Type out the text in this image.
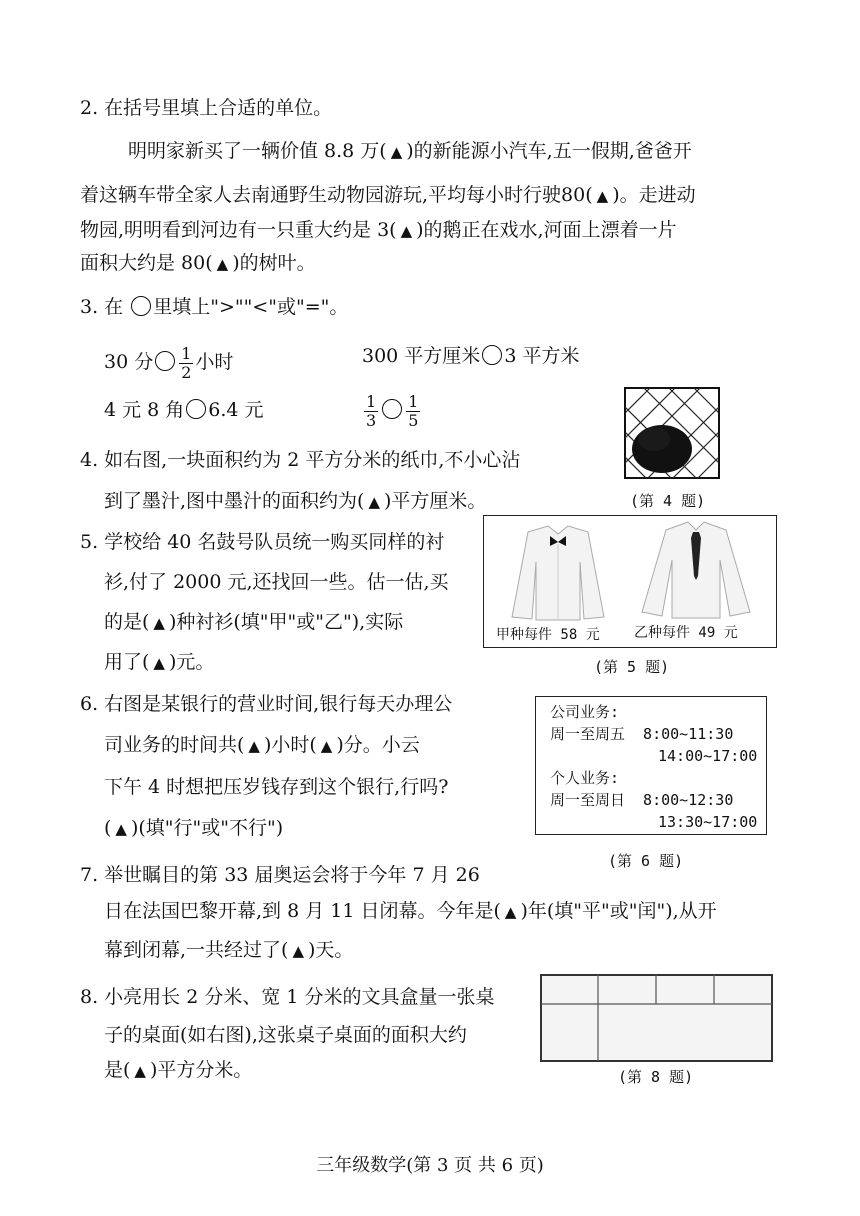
2. 在括号里填上合适的单位。
明明家新买了一辆价值 8.8 万( ▲ )的新能源小汽车,五一假期,爸爸开
着这辆车带全家人去南通野生动物园游玩,平均每小时行驶80( ▲ )。走进动
物园,明明看到河边有一只重大约是 3( ▲ )的鹅正在戏水,河面上漂着一片
面积大约是 80( ▲ )的树叶。
3. 在 里填上">""<"或"="。
30 分 $\frac{1}{2}$ 小时	300 平方厘米 3 平方米
4 元 8 角 6.4 元	$\frac{1}{3} \frac{1}{5}$
4. 如右图,一块面积约为 2 平方分米的纸巾,不小心沾
到了墨汁,图中墨汁的面积约为( ▲ )平方厘米。	(第 4 题)
5. 学校给 40 名鼓号队员统一购买同样的衬
衫,付了 2000 元,还找回一些。估一估,买
的是( ▲ )种衬衫(填"甲"或"乙"),实际
用了( ▲ )元。
甲种每件 58 元 乙种每件 49 元
(第 5 题)
6. 右图是某银行的营业时间,银行每天办理公
司业务的时间共( ▲ )小时( ▲ )分。小云
下午 4 时想把压岁钱存到这个银行,行吗?
( ▲ )(填"行"或"不行")
公司业务:
周一至周五  8:00~11:30
14:00~17:00
个人业务:
周一至周日  8:00~12:30
13:30~17:00
(第 6 题)
7. 举世瞩目的第 33 届奥运会将于今年 7 月 26
日在法国巴黎开幕,到 8 月 11 日闭幕。今年是( ▲ )年(填"平"或"闰"),从开
幕到闭幕,一共经过了( ▲ )天。
8. 小亮用长 2 分米、宽 1 分米的文具盒量一张桌
子的桌面(如右图),这张桌子桌面的面积大约
是( ▲ )平方分米。	(第 8 题)
三年级数学(第 3 页 共 6 页)
